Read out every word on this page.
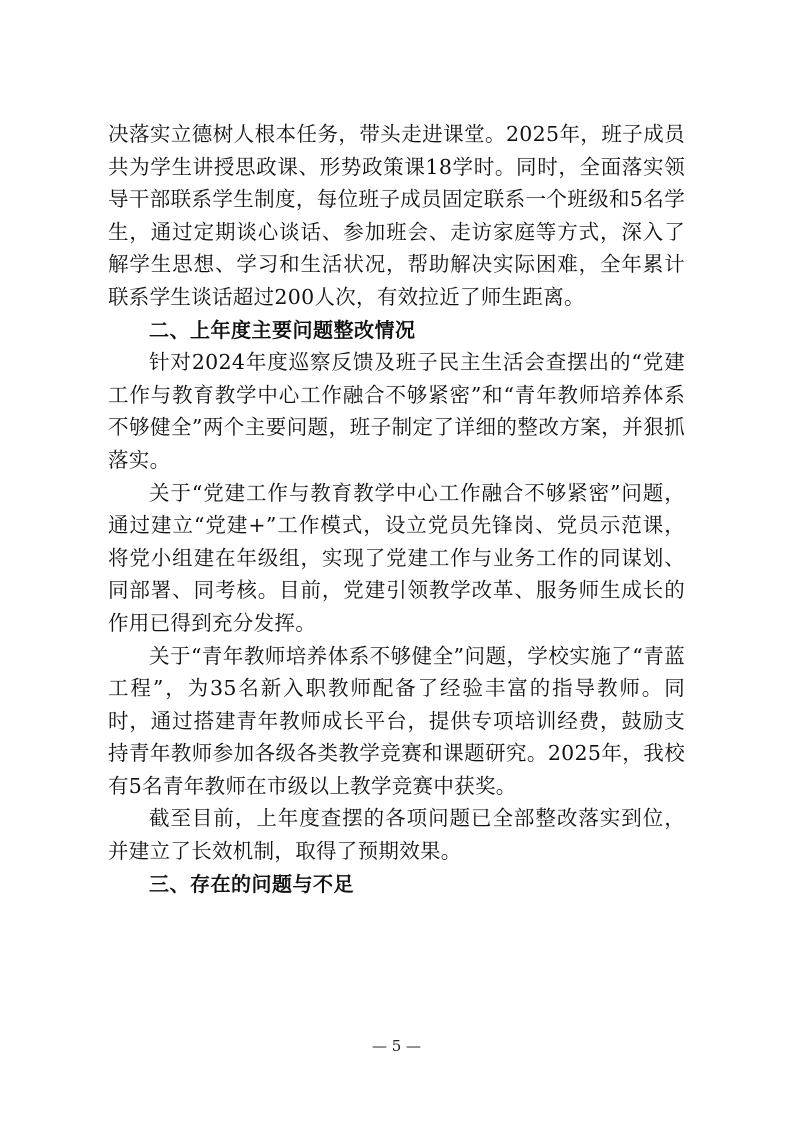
决落实立德树人根本任务，带头走进课堂。2025年，班子成员共为学生讲授思政课、形势政策课18学时。同时，全面落实领导干部联系学生制度，每位班子成员固定联系一个班级和5名学生，通过定期谈心谈话、参加班会、走访家庭等方式，深入了解学生思想、学习和生活状况，帮助解决实际困难，全年累计联系学生谈话超过200人次，有效拉近了师生距离。

二、上年度主要问题整改情况

针对2024年度巡察反馈及班子民主生活会查摆出的“党建工作与教育教学中心工作融合不够紧密”和“青年教师培养体系不够健全”两个主要问题，班子制定了详细的整改方案，并狠抓落实。

关于“党建工作与教育教学中心工作融合不够紧密”问题，通过建立“党建+”工作模式，设立党员先锋岗、党员示范课，将党小组建在年级组，实现了党建工作与业务工作的同谋划、同部署、同考核。目前，党建引领教学改革、服务师生成长的作用已得到充分发挥。

关于“青年教师培养体系不够健全”问题，学校实施了“青蓝工程”，为35名新入职教师配备了经验丰富的指导教师。同时，通过搭建青年教师成长平台，提供专项培训经费，鼓励支持青年教师参加各级各类教学竞赛和课题研究。2025年，我校有5名青年教师在市级以上教学竞赛中获奖。

截至目前，上年度查摆的各项问题已全部整改落实到位，并建立了长效机制，取得了预期效果。

三、存在的问题与不足

— 5 —
